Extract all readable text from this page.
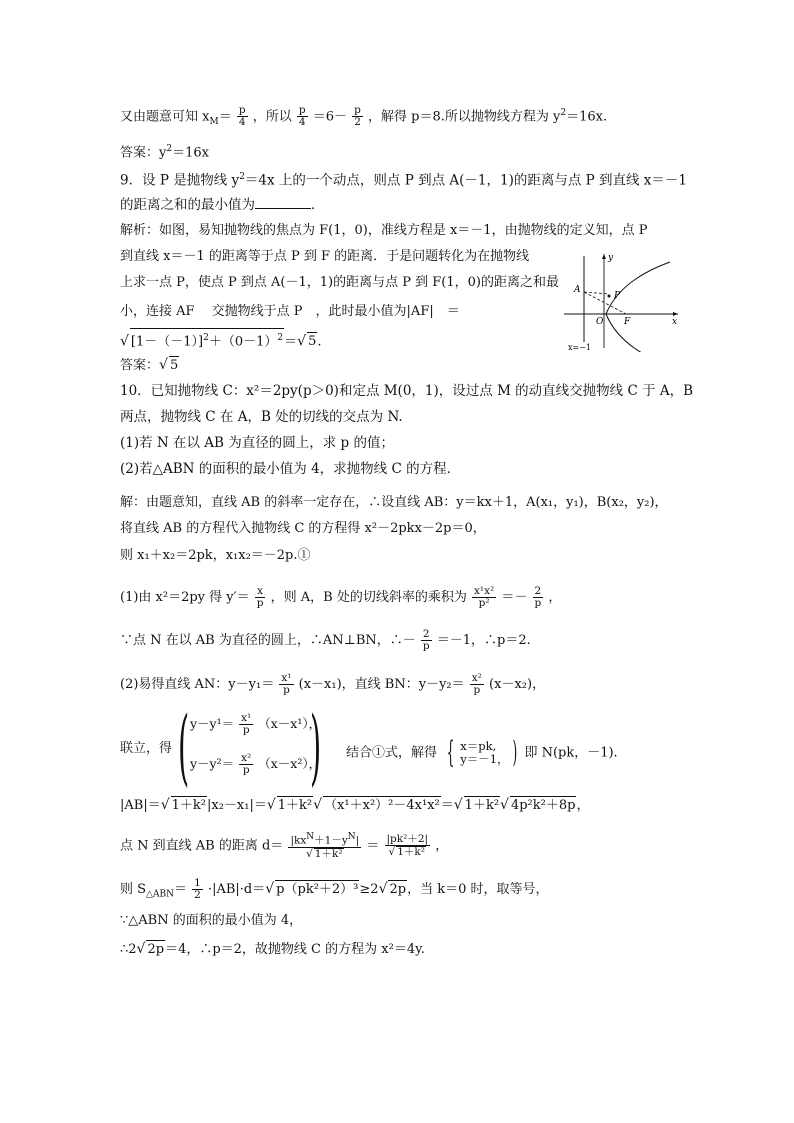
又由题意可知 $x_M= \frac{p}{4}$ ，所以 $\frac{p}{4} =6- \frac{p}{2}$ ，解得 p＝8.所以抛物线方程为 $y^2=16x$.
答案：$y^2=16x$
9．设 P 是抛物线 $y^2=4x$ 上的一个动点，则点 P 到点 A(－1，1)的距离与点 P 到直线 x＝－1
的距离之和的最小值为	．
解析：如图，易知抛物线的焦点为 F(1，0)，准线方程是 x＝－1，由抛物线的定义知，点 P
到直线 x＝－1 的距离等于点 P 到 F 的距离．于是问题转化为在抛物线
上求一点 P，使点 P 到点 A(－1，1)的距离与点 P 到 F(1，0)的距离之和最
小，连接 AF　 交抛物线于点 P　，此时最小值为|AF|　＝
√ $[1-(-1)]^2+(0-1)^2=√$ 5.
答案：√ 5
y
x
A
P
O F
x=−1
10．已知抛物线 C：x²＝2py(p＞0)和定点 M(0，1)，设过点 M 的动直线交抛物线 C 于 A，B
两点，抛物线 C 在 A，B 处的切线的交点为 N.
(1)若 N 在以 AB 为直径的圆上，求 p 的值；
(2)若△ABN 的面积的最小值为 4，求抛物线 C 的方程．
解：由题意知，直线 AB 的斜率一定存在，∴设直线 AB：y＝kx＋1，A(x₁，y₁)，B(x₂，y₂)，
将直线 AB 的方程代入抛物线 C 的方程得 x²－2pkx－2p＝0，
则 x₁＋x₂＝2pk，x₁x₂＝－2p.①
(1)由 x²＝2py 得 $y'= \frac{x}{p}$ ，则 A，B 处的切线斜率的乘积为 $\frac{\text{x¹x²}}{\text{p²}} =- \frac{2}{p}$ ，
∵点 N 在以 AB 为直径的圆上，∴AN⊥BN，∴－ $\frac{2}{p} =-1$，∴p＝2.
(2)易得直线 AN：$y-y_1= \frac{\text{x¹}}{p} (x-x_1)$，直线 BN：$y-y_2= \frac{\text{x²}}{p} (x-x_2)$，
联立，得 ( $y-y^1= \frac{\text{x¹}}{p} (x-x^1)$，
$y-y^2= \frac{\text{x²}}{p} (x-x^2)$，
) 结合①式，解得 { x＝pk,
y＝－1， ) 即 N(pk，－1).
|AB|＝√ 1＋k²|x₂－x₁|＝√ 1＋k²√ （x¹＋x²）²－4x¹x²＝√ 1＋k²√ 4p²k²＋8p，
点 N 到直线 AB 的距离 $d= \frac{|kx^N+1-y^N|}{\text{√ 1＋k²}} = \frac{\text{|pk²＋2|}}{\text{√ 1＋k²}}$ ，
则 $S_{\triangle ABN}= \frac{1}{2} \cdot|AB|\cdot d=√$ p（pk²＋2）³≥2√ 2p，当 k＝0 时，取等号，
∵△ABN 的面积的最小值为 4，
∴2√ 2p＝4，∴p＝2，故抛物线 C 的方程为 x²＝4y.
